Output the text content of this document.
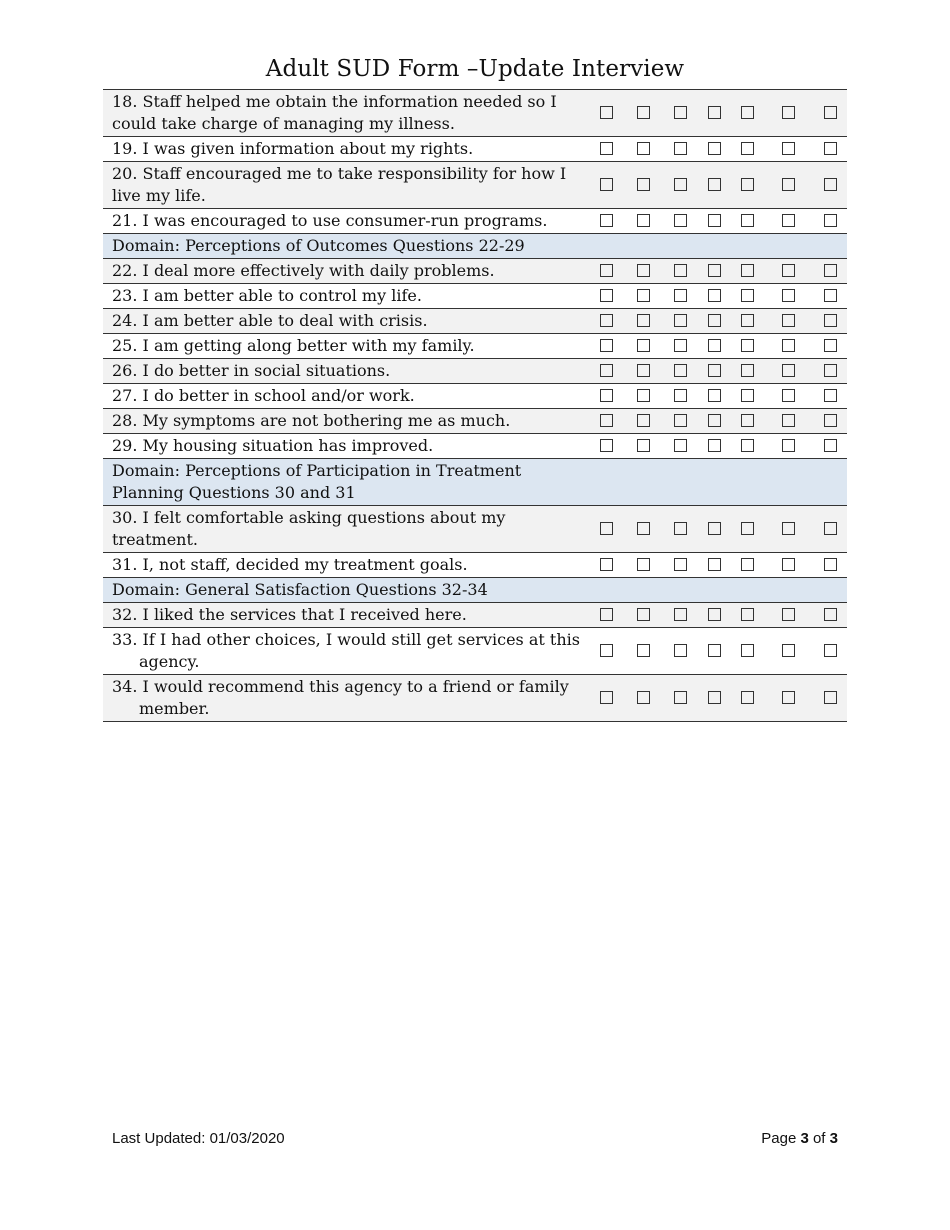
Adult SUD Form –Update Interview
18. Staff helped me obtain the information needed so I could take charge of managing my illness.							
19. I was given information about my rights.							
20. Staff encouraged me to take responsibility for how I live my life.							
21. I was encouraged to use consumer-run programs.							
Domain: Perceptions of Outcomes Questions 22-29							
22. I deal more effectively with daily problems.							
23. I am better able to control my life.							
24. I am better able to deal with crisis.							
25. I am getting along better with my family.							
26. I do better in social situations.							
27. I do better in school and/or work.							
28. My symptoms are not bothering me as much.							
29. My housing situation has improved.							
Domain: Perceptions of Participation in Treatment Planning Questions 30 and 31							
30. I felt comfortable asking questions about my treatment.							
31. I, not staff, decided my treatment goals.							
Domain: General Satisfaction Questions 32-34							
32. I liked the services that I received here.							
33. If I had other choices, I would still get services at this agency.							
34. I would recommend this agency to a friend or family member.							
Last Updated: 01/03/2020	Page 3 of 3
